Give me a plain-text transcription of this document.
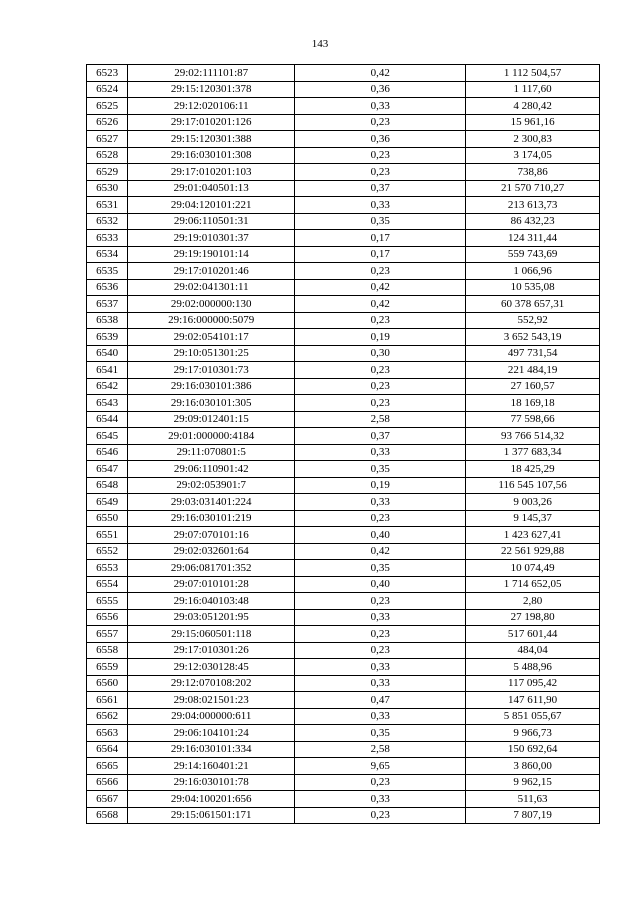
143
6523	29:02:111101:87	0,42	1 112 504,57
6524	29:15:120301:378	0,36	1 117,60
6525	29:12:020106:11	0,33	4 280,42
6526	29:17:010201:126	0,23	15 961,16
6527	29:15:120301:388	0,36	2 300,83
6528	29:16:030101:308	0,23	3 174,05
6529	29:17:010201:103	0,23	738,86
6530	29:01:040501:13	0,37	21 570 710,27
6531	29:04:120101:221	0,33	213 613,73
6532	29:06:110501:31	0,35	86 432,23
6533	29:19:010301:37	0,17	124 311,44
6534	29:19:190101:14	0,17	559 743,69
6535	29:17:010201:46	0,23	1 066,96
6536	29:02:041301:11	0,42	10 535,08
6537	29:02:000000:130	0,42	60 378 657,31
6538	29:16:000000:5079	0,23	552,92
6539	29:02:054101:17	0,19	3 652 543,19
6540	29:10:051301:25	0,30	497 731,54
6541	29:17:010301:73	0,23	221 484,19
6542	29:16:030101:386	0,23	27 160,57
6543	29:16:030101:305	0,23	18 169,18
6544	29:09:012401:15	2,58	77 598,66
6545	29:01:000000:4184	0,37	93 766 514,32
6546	29:11:070801:5	0,33	1 377 683,34
6547	29:06:110901:42	0,35	18 425,29
6548	29:02:053901:7	0,19	116 545 107,56
6549	29:03:031401:224	0,33	9 003,26
6550	29:16:030101:219	0,23	9 145,37
6551	29:07:070101:16	0,40	1 423 627,41
6552	29:02:032601:64	0,42	22 561 929,88
6553	29:06:081701:352	0,35	10 074,49
6554	29:07:010101:28	0,40	1 714 652,05
6555	29:16:040103:48	0,23	2,80
6556	29:03:051201:95	0,33	27 198,80
6557	29:15:060501:118	0,23	517 601,44
6558	29:17:010301:26	0,23	484,04
6559	29:12:030128:45	0,33	5 488,96
6560	29:12:070108:202	0,33	117 095,42
6561	29:08:021501:23	0,47	147 611,90
6562	29:04:000000:611	0,33	5 851 055,67
6563	29:06:104101:24	0,35	9 966,73
6564	29:16:030101:334	2,58	150 692,64
6565	29:14:160401:21	9,65	3 860,00
6566	29:16:030101:78	0,23	9 962,15
6567	29:04:100201:656	0,33	511,63
6568	29:15:061501:171	0,23	7 807,19
